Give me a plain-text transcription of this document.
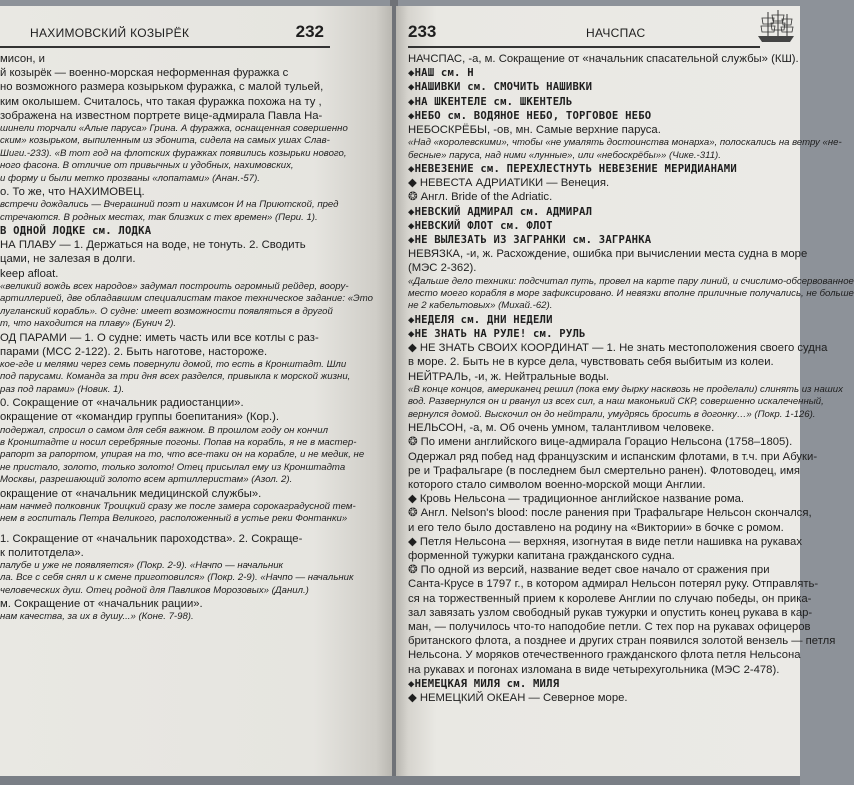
НАХИМОВСКИЙ КОЗЫРЁК	232
мисон, и
й козырёк — военно-морская неформенная фуражка с
но возможного размера козырьком фуражка, с малой тульей,
ким околышем. Считалось, что такая фуражка похожа на ту ,
зображена на известном портрете вице-адмирала Павла На-
шинели торчали «Алые паруса» Грина. А фуражка, оснащенная совершенно
ским» козырьком, выпиленным из эбонита, сидела на самых ушах Слав-
Шиги.-233). «В тот год на флотских фуражках появились козырьки нового,
ного фасона. В отличие от привычных и удобных, нахимовских,
и форму и были метко прозваны «лопатами» (Анан.-57).
о. То же, что НАХИМОВЕЦ.
встречи дождались — Вчерашний поэт и нахимсон И на Приютской, пред
стречаются. В родных местах, так близких с тех времен» (Пери. 1).
В ОДНОЙ ЛОДКЕ см. ЛОДКА
НА ПЛАВУ — 1. Держаться на воде, не тонуть. 2. Сводить
цами, не залезая в долги.
keep afloat.
«великий вождь всех народов» задумал построить огромный рейдер, вооpу-
артиллерией, две обладавшим специалистам такое техническое задание: «Это
лугланский корабль». О судне: имеет возможности появляться в другой
т, что находится на плаву» (Бунич 2).
ОД ПАРАМИ — 1. О судне: иметь часть или все котлы с раз-
парами (МСС 2-122). 2. Быть наготове, настороже.
кое-где и мелями через семь повернули домой, то есть в Кронштадт. Шли
под парусами. Команда за три дня всех разделся, привыкла к морской жизни,
раз под парами» (Новик. 1).
0. Сокращение от «начальник радиостанции».
окращение от «командир группы боепитания» (Кор.).
подержал, спросил о самом для себя важном. В прошлом году он кончил
в Кронштадте и носил серебряные погоны. Попав на корабль, я не в мастер-
рапорт за рапортом, упирая на то, что все-таки он на корабле, и не медик, не
не пристало, золото, только золото! Отец присылал ему из Кронштадта
Москвы, разрешающий золото всем артиллеристам» (Азол. 2).
окращение от «начальник медицинской службы».
нам начмед полковник Троицкий сразу же после замера сорокаградусной тем-
нем в госпиталь Петра Великого, расположенный в устье реки Фонтанки»
1. Сокращение от «начальник пароходства». 2. Сокраще-
к политотдела».
палубе и уже не появляется» (Покр. 2-9). «Начпо — начальник
ла. Все с себя снял и к смене приготовился» (Покр. 2-9). «Начпо — начальник
человеческих душ. Отец родной для Павликов Морозовых» (Данил.)
м. Сокращение от «начальник рации».
нам качества, за их в душу...» (Коне. 7-98).
233	НАЧСПАС
НАЧСПАС, -а, м. Сокращение от «начальник спасательной службы» (КШ).
◆НАШ см. Н
◆НАШИВКИ см. СМОЧИТЬ НАШИВКИ
◆НА ШКЕНТЕЛЕ см. ШКЕНТЕЛЬ
◆НЕБО см. ВОДЯНОЕ НЕБО, ТОРГОВОЕ НЕБО
НЕБОСКРЁБЫ, -ов, мн. Самые верхние паруса.
«Над «королевскими», чтобы «не умалять достоинства монарха», полоскались на ветру «не-
бесные» паруса, над ними «лунные», или «небоскрёбы»» (Чике.-311).
◆НЕВЕЗЕНИЕ см. ПЕРЕХЛЕСТНУТЬ НЕВЕЗЕНИЕ МЕРИДИАНАМИ
◆ НЕВЕСТА АДРИАТИКИ — Венеция.
❂ Англ. Bride of the Adriatic.
◆НЕВСКИЙ АДМИРАЛ см. АДМИРАЛ
◆НЕВСКИЙ ФЛОТ см. ФЛОТ
◆НЕ ВЫЛЕЗАТЬ ИЗ ЗАГРАНКИ см. ЗАГРАНКА
НЕВЯЗКА, -и, ж. Расхождение, ошибка при вычислении места судна в море
(МЭС 2-362).
«Дальше дело техники: подсчитал путь, провел на карте пару линий, и счислимо-обсервованное
место моего корабля в море зафиксировано. И невязки вполне приличные получались, не больше
не 2 кабельтовых» (Михай.-62).
◆НЕДЕЛЯ см. ДНИ НЕДЕЛИ
◆НЕ ЗНАТЬ НА РУЛЕ! см. РУЛЬ
◆ НЕ ЗНАТЬ СВОИХ КООРДИНАТ — 1. Не знать местоположения своего судна
в море. 2. Быть не в курсе дела, чувствовать себя выбитым из колеи.
НЕЙТРАЛЬ, -и, ж. Нейтральные воды.
«В конце концов, американец решил (пока ему дырку насквозь не проделали) слинять из наших
вод. Развернулся он и рванул из всех сил, а наш маконький СКР, совершенно искалеченный,
вернулся домой. Выскочил он до нейтрали, умудрясь бросить в догонку…» (Покр. 1-126).
НЕЛЬСОН, -а, м. Об очень умном, талантливом человеке.
❂ По имени английского вице-адмирала Горацио Нельсона (1758–1805).
Одержал ряд побед над французским и испанским флотами, в т.ч. при Абуки-
ре и Трафальгаре (в последнем был смертельно ранен). Флотоводец, имя
которого стало символом военно-морской мощи Англии.
◆ Кровь Нельсона — традиционное английское название рома.
❂ Англ. Nelson's blood: после ранения при Трафальгаре Нельсон скончался,
и его тело было доставлено на родину на «Виктории» в бочке с ромом.
◆ Петля Нельсона — верхняя, изогнутая в виде петли нашивка на рукавах
форменной тужурки капитана гражданского судна.
❂ По одной из версий, название ведет свое начало от сражения при
Санта-Крусе в 1797 г., в котором адмирал Нельсон потерял руку. Отправлять-
ся на торжественный прием к королеве Англии по случаю победы, он прика-
зал завязать узлом свободный рукав тужурки и опустить конец рукава в кар-
ман, — получилось что-то наподобие петли. С тех пор на рукавах офицеров
британского флота, а позднее и других стран появился золотой вензель — петля
Нельсона. У моряков отечественного гражданского флота петля Нельсона
на рукавах и погонах изломана в виде четырехугольника (МЭС 2-478).
◆НЕМЕЦКАЯ МИЛЯ см. МИЛЯ
◆ НЕМЕЦКИЙ ОКЕАН — Северное море.
